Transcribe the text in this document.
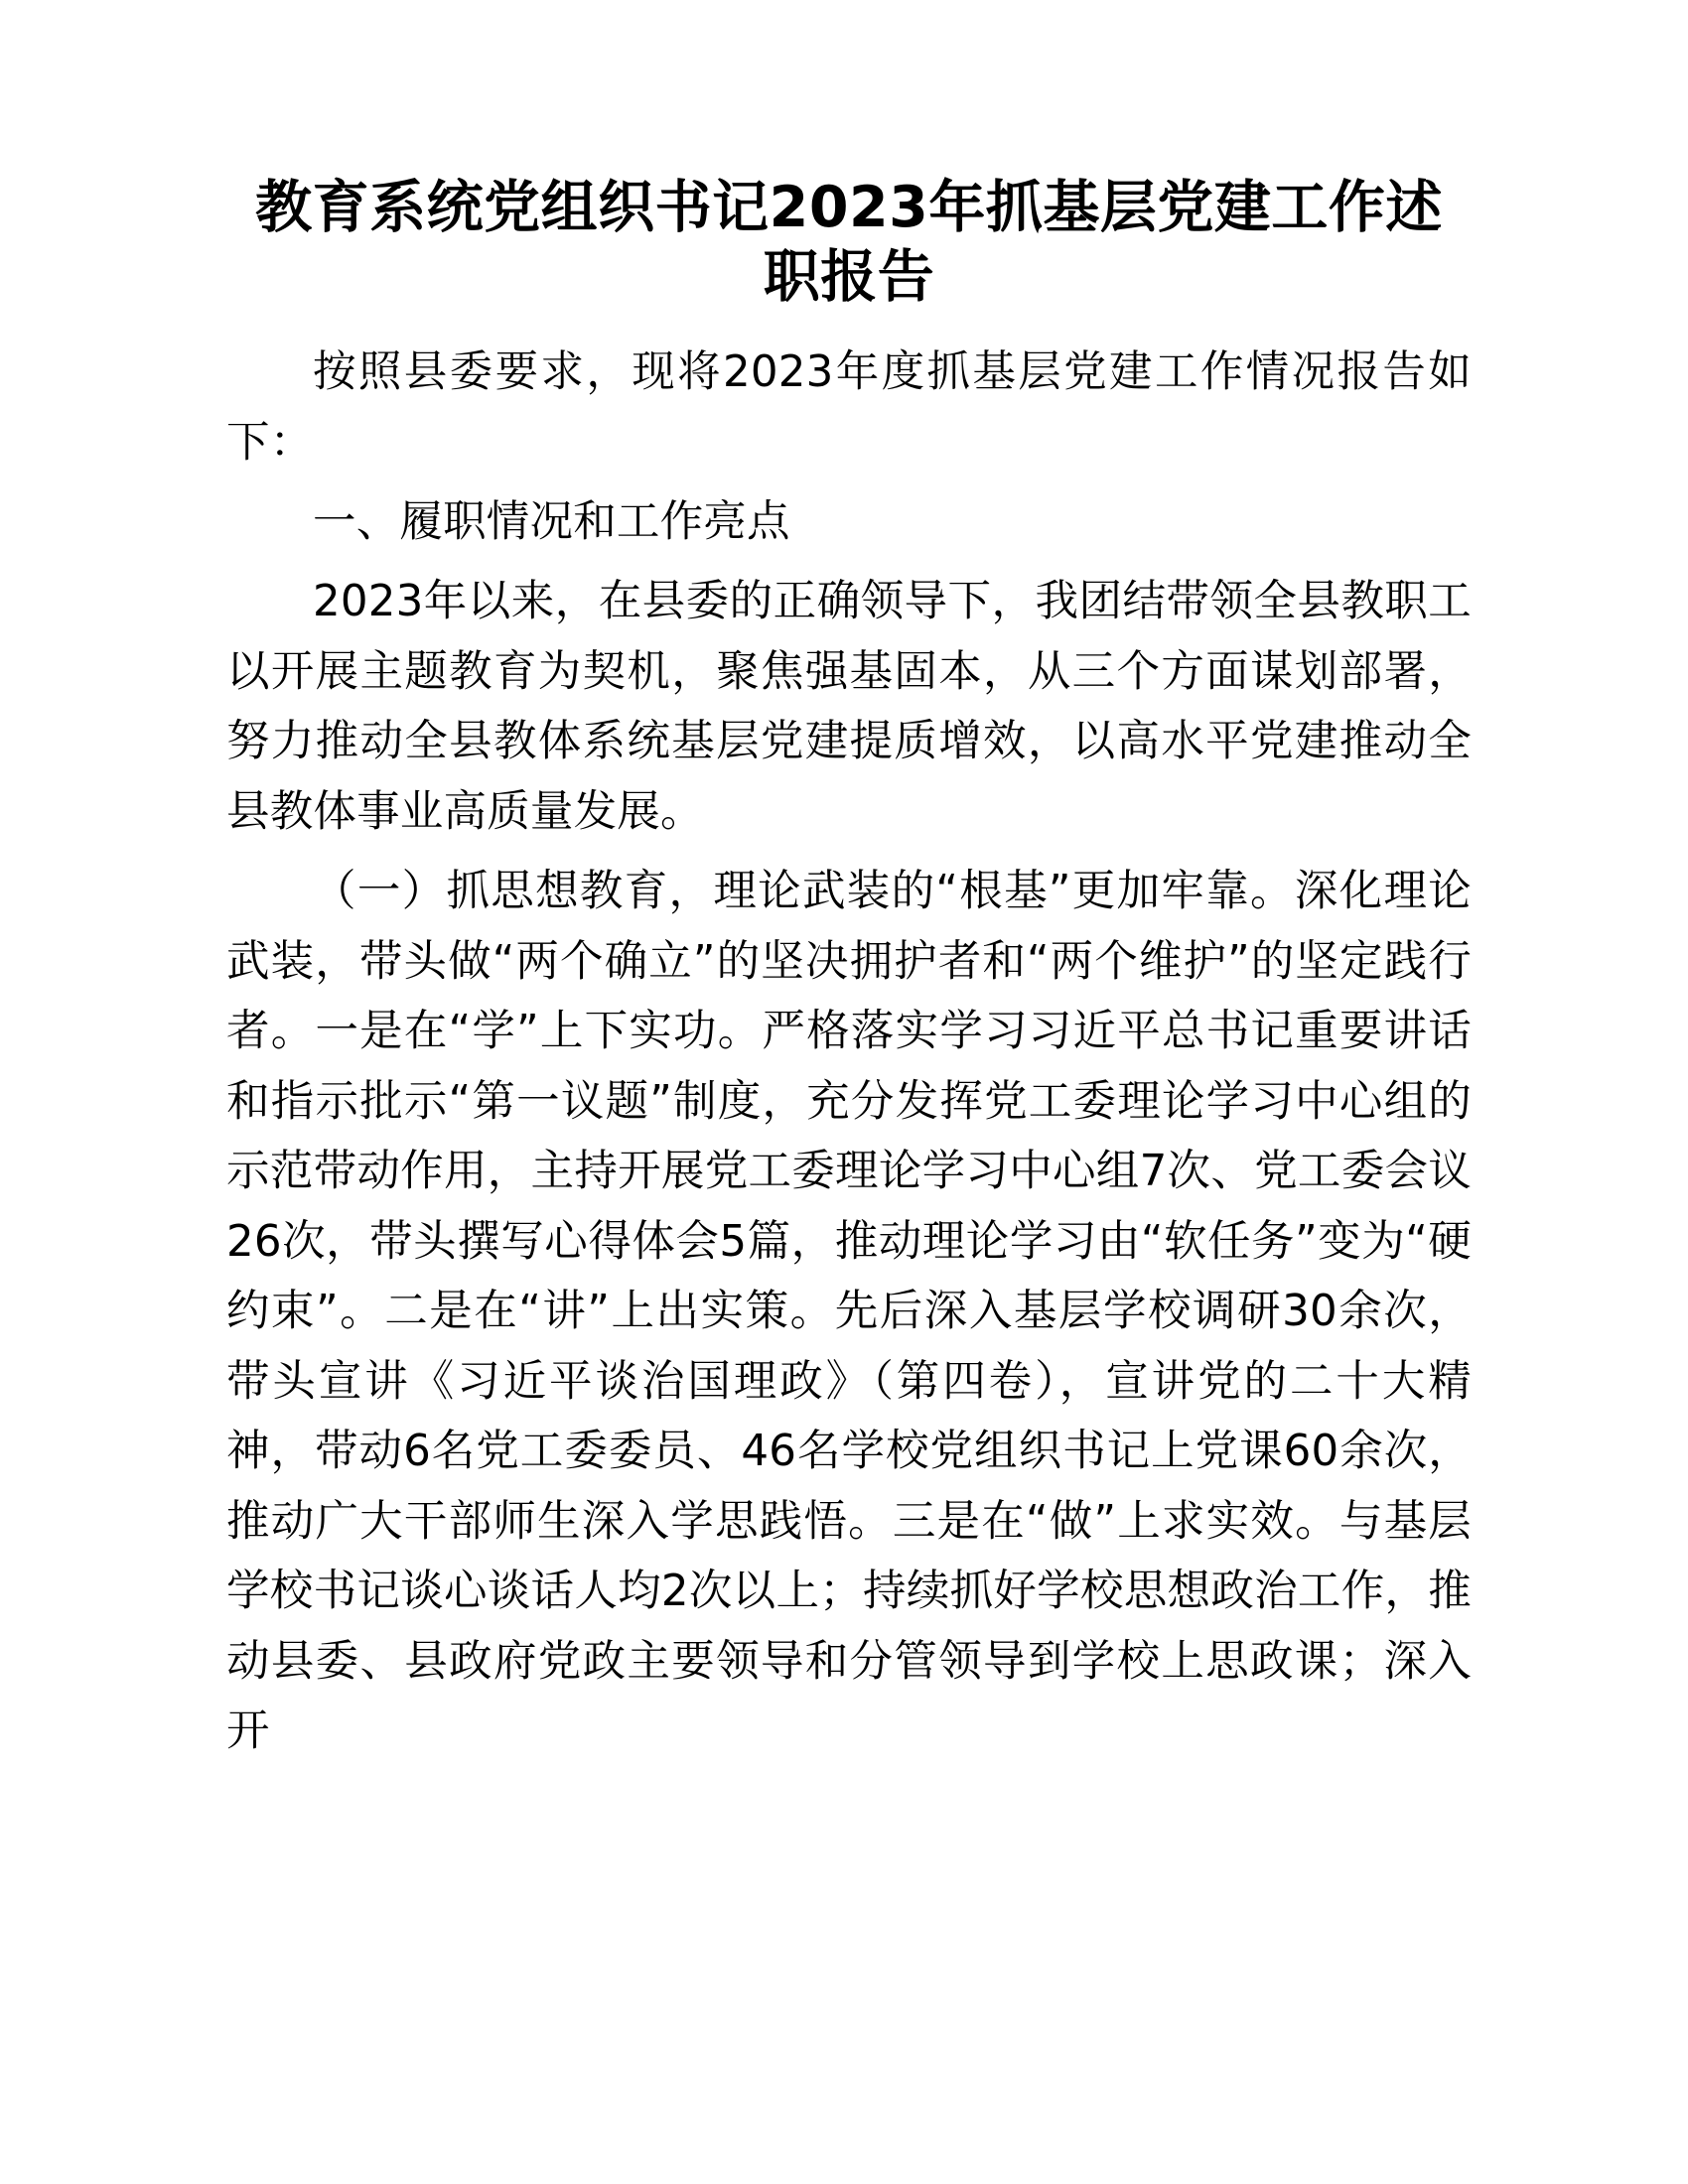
教育系统党组织书记2023年抓基层党建工作述职报告

按照县委要求，现将2023年度抓基层党建工作情况报告如下：

一、履职情况和工作亮点

2023年以来，在县委的正确领导下，我团结带领全县教职工以开展主题教育为契机，聚焦强基固本，从三个方面谋划部署，努力推动全县教体系统基层党建提质增效，以高水平党建推动全县教体事业高质量发展。

（一）抓思想教育，理论武装的“根基”更加牢靠。深化理论武装，带头做“两个确立”的坚决拥护者和“两个维护”的坚定践行者。一是在“学”上下实功。严格落实学习习近平总书记重要讲话和指示批示“第一议题”制度，充分发挥党工委理论学习中心组的示范带动作用，主持开展党工委理论学习中心组7次、党工委会议26次，带头撰写心得体会5篇，推动理论学习由“软任务”变为“硬约束”。二是在“讲”上出实策。先后深入基层学校调研30余次，带头宣讲《习近平谈治国理政》（第四卷），宣讲党的二十大精神，带动6名党工委委员、46名学校党组织书记上党课60余次，推动广大干部师生深入学思践悟。三是在“做”上求实效。与基层学校书记谈心谈话人均2次以上；持续抓好学校思想政治工作，推动县委、县政府党政主要领导和分管领导到学校上思政课；深入开
